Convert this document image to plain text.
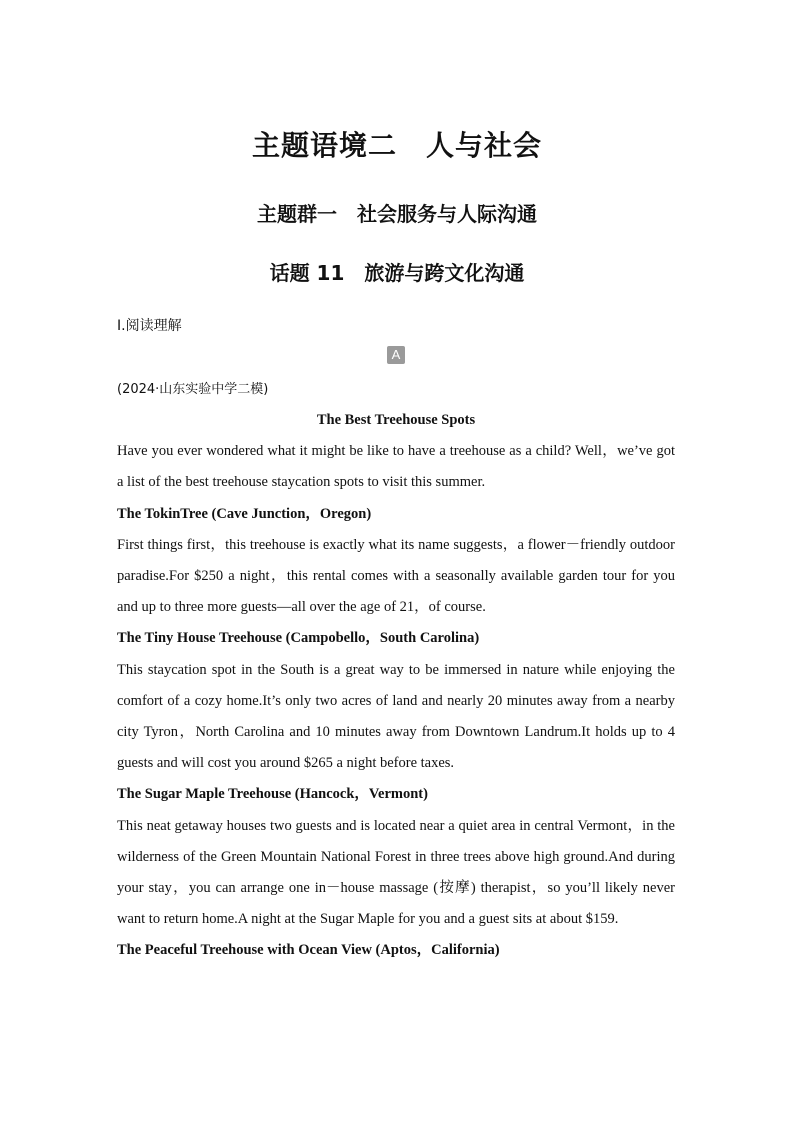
主题语境二　人与社会
主题群一　社会服务与人际沟通
话题 11　旅游与跨文化沟通
Ⅰ.阅读理解
A
(2024·山东实验中学二模)
The Best Treehouse Spots

Have you ever wondered what it might be like to have a treehouse as a child? Well，we’ve got a list of the best treehouse staycation spots to visit this summer.

The TokinTree (Cave Junction，Oregon)

First things first，this treehouse is exactly what its name suggests，a flower－friendly outdoor paradise.For $250 a night，this rental comes with a seasonally available garden tour for you and up to three more guests—all over the age of 21，of course.

The Tiny House Treehouse (Campobello，South Carolina)

This staycation spot in the South is a great way to be immersed in nature while enjoying the comfort of a cozy home.It’s only two acres of land and nearly 20 minutes away from a nearby city Tyron，North Carolina and 10 minutes away from Downtown Landrum.It holds up to 4 guests and will cost you around $265 a night before taxes.

The Sugar Maple Treehouse (Hancock，Vermont)

This neat getaway houses two guests and is located near a quiet area in central Vermont，in the wilderness of the Green Mountain National Forest in three trees above high ground.And during your stay，you can arrange one in－house massage (按摩) therapist，so you’ll likely never want to return home.A night at the Sugar Maple for you and a guest sits at about $159.

The Peaceful Treehouse with Ocean View (Aptos，California)
